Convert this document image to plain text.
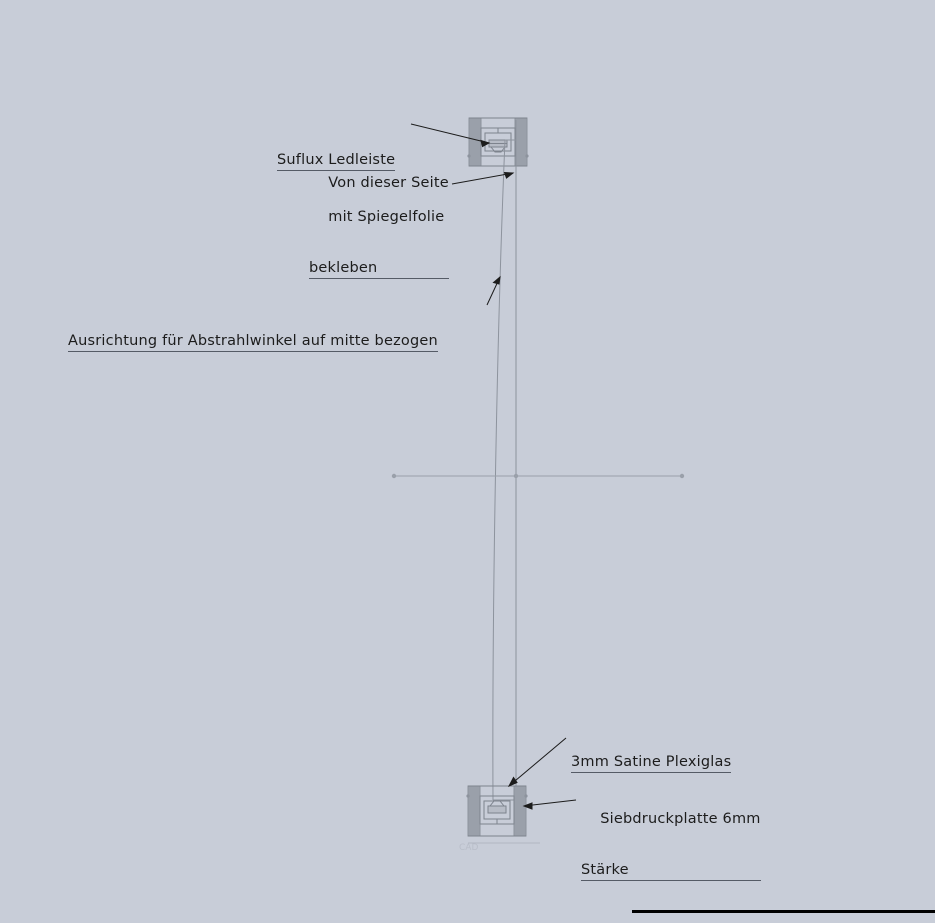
Suflux Ledleiste

Von dieser Seite

mit Spiegelfolie

bekleben

Ausrichtung für Abstrahlwinkel auf mitte bezogen

3mm Satine Plexiglas

Siebdruckplatte 6mm

Stärke

CAD
